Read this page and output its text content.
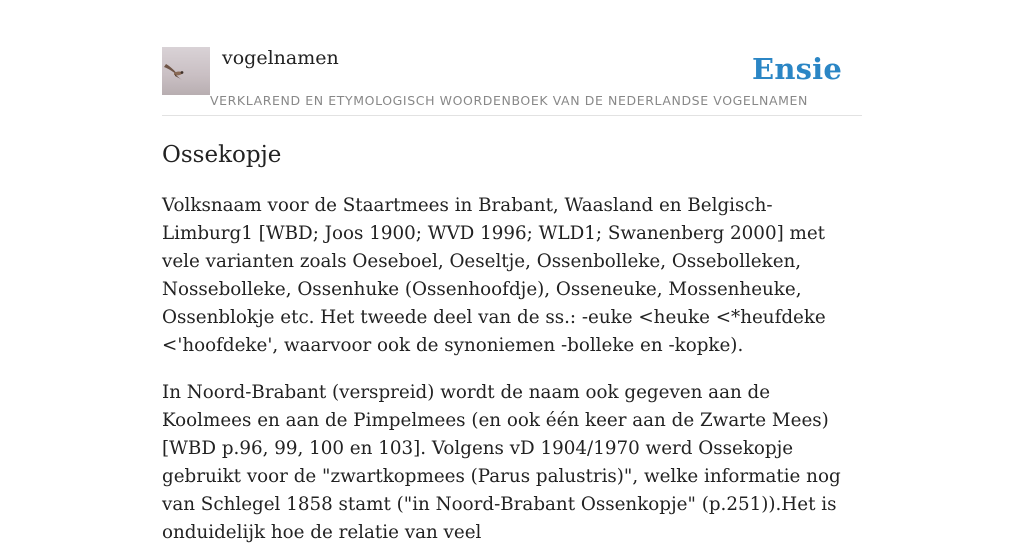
vogelnamen	Ensie
VERKLAREND EN ETYMOLOGISCH WOORDENBOEK VAN DE NEDERLANDSE VOGELNAMEN
Ossekopje

Volksnaam voor de Staartmees in Brabant, Waasland en Belgisch-Limburg1 [WBD; Joos 1900; WVD 1996; WLD1; Swanenberg 2000] met vele varianten zoals Oeseboel, Oeseltje, Ossenbolleke, Ossebolleken, Nossebolleke, Ossenhuke (Ossenhoofdje), Osseneuke, Mossenheuke, Ossenblokje etc. Het tweede deel van de ss.: -euke <heuke <*heufdeke <'hoofdeke', waarvoor ook de synoniemen -bolleke en -kopke).

In Noord-Brabant (verspreid) wordt de naam ook gegeven aan de Koolmees en aan de Pimpelmees (en ook één keer aan de Zwarte Mees) [WBD p.96, 99, 100 en 103]. Volgens vD 1904/1970 werd Ossekopje gebruikt voor de "zwartkopmees (Parus palustris)", welke informatie nog van Schlegel 1858 stamt ("in Noord-Brabant Ossenkopje" (p.251)).Het is onduidelijk hoe de relatie van veel
